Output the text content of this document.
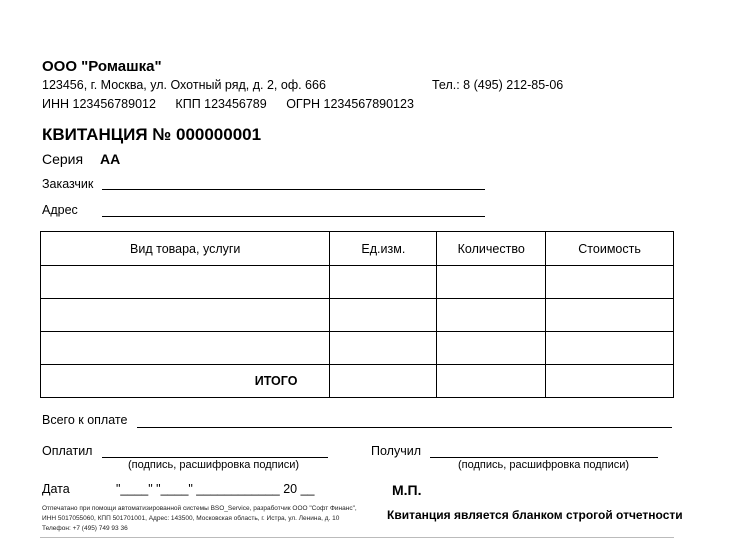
ООО "Ромашка"
123456, г. Москва, ул. Охотный ряд, д. 2, оф. 666	Тел.: 8 (495) 212-85-06
ИНН 123456789012 КПП 123456789 ОГРН 1234567890123
КВИТАНЦИЯ № 000000001
Серия АА
Заказчик
Адрес
Вид товара, услуги	Ед.изм.	Количество	Стоимость

ИТОГО			
Всего к оплате
Оплатил
(подпись, расшифровка подписи)
Получил
(подпись, расшифровка подписи)
Дата	"____" "____" ____________ 20 __	М.П.
Отпечатано при помощи автоматизированной системы BSO_Service, разработчик ООО "Софт Финанс",
ИНН 5017055060, КПП 501701001, Адрес: 143500, Московская область, г. Истра, ул. Ленина, д. 10
Телефон: +7 (495) 749 93 36
Квитанция является бланком строгой отчетности
